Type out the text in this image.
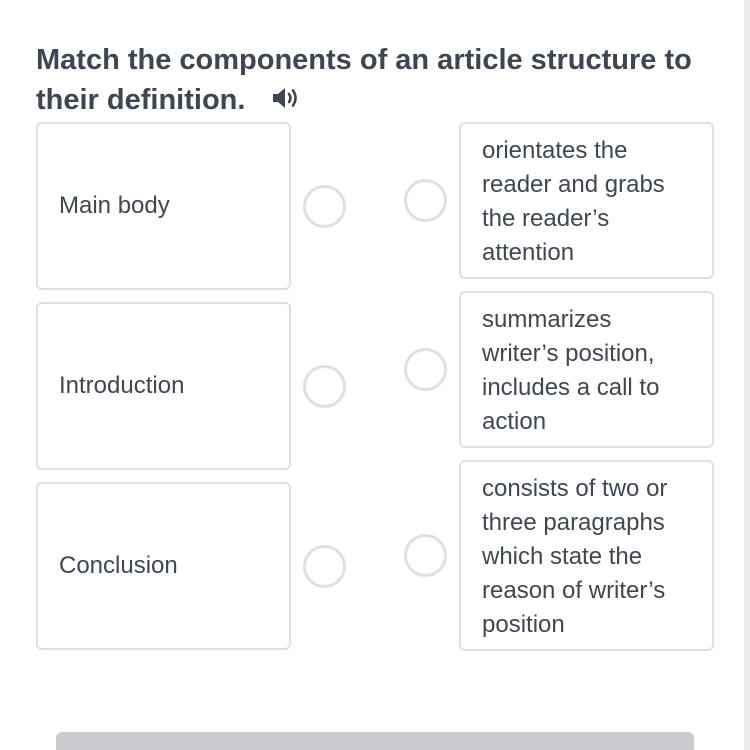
Match the components of an article structure to their definition.
Main body
Introduction
Conclusion
orientates the reader and grabs the reader’s attention
summarizes writer’s position, includes a call to action
consists of two or three paragraphs which state the reason of writer’s position
